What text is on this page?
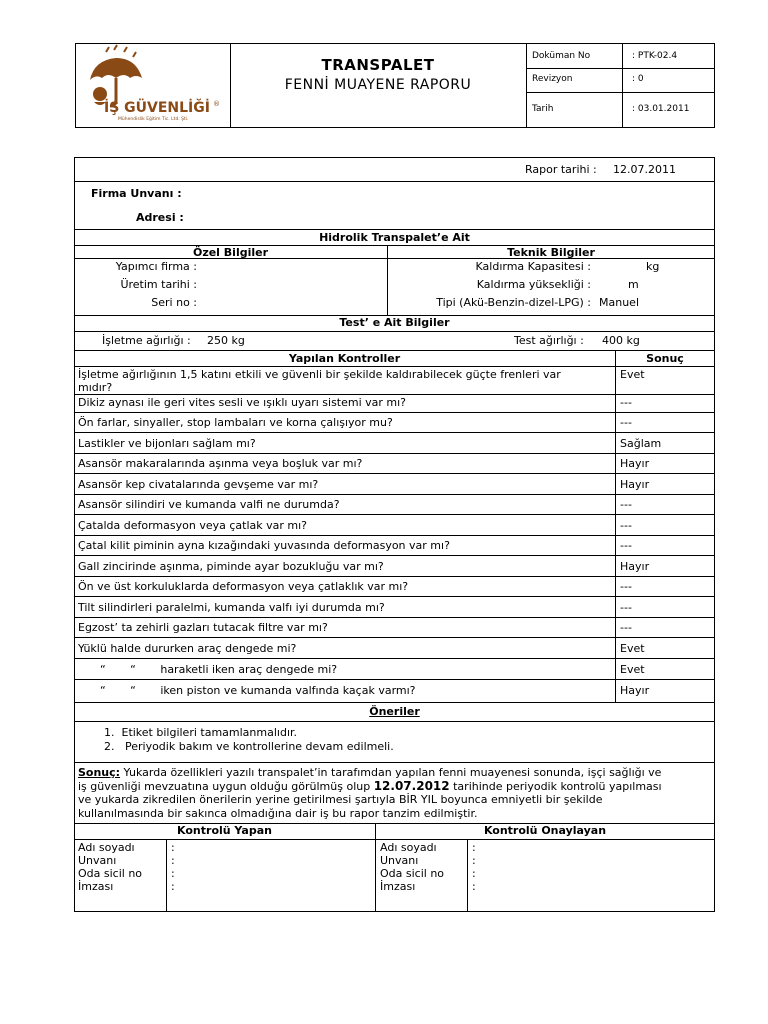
İŞ GÜVENLİĞİ ®
Mühendislik Eğitim Tic. Ltd. Şti.
TRANSPALET
FENNİ MUAYENE RAPORU
Doküman No	: PTK-02.4
Revizyon	: 0
Tarih	: 03.01.2011
Rapor tarihi : 12.07.2011
Firma Unvanı :
Adresi :
Hidrolik Transpalet’e Ait
Özel Bilgiler	Teknik Bilgiler
Yapımcı firma :
Üretim tarihi :
Seri no :
Kaldırma Kapasitesi :	kg
Kaldırma yüksekliği :	m
Tipi (Akü-Benzin-dizel-LPG) : Manuel
Test’ e Ait Bilgiler
İşletme ağırlığı : 250 kg	Test ağırlığı : 400 kg
Yapılan Kontroller	Sonuç
İşletme ağırlığının 1,5 katını etkili ve güvenli bir şekilde kaldırabilecek güçte frenleri var
mıdır?
Evet
Dikiz aynası ile geri vites sesli ve ışıklı uyarı sistemi var mı?	---
Ön farlar, sinyaller, stop lambaları ve korna çalışıyor mu?	---
Lastikler ve bijonları sağlam mı?	Sağlam
Asansör makaralarında aşınma veya boşluk var mı?	Hayır
Asansör kep civatalarında gevşeme var mı?	Hayır
Asansör silindiri ve kumanda valfi ne durumda?	---
Çatalda deformasyon veya çatlak var mı?	---
Çatal kilit piminin ayna kızağındaki yuvasında deformasyon var mı?	---
Gall zincirinde aşınma, piminde ayar bozukluğu var mı?	Hayır
Ön ve üst korkuluklarda deformasyon veya çatlaklık var mı?	---
Tilt silindirleri paralelmi, kumanda valfı iyi durumda mı?	---
Egzost’ ta zehirli gazları tutacak filtre var mı?	---
Yüklü halde dururken araç dengede mi?	Evet
“       “       haraketli iken araç dengede mi?	Evet
“       “       iken piston ve kumanda valfında kaçak varmı?	Hayır
Öneriler
1.  Etiket bilgileri tamamlanmalıdır.
2.   Periyodik bakım ve kontrollerine devam edilmeli.
Sonuç: Yukarda özellikleri yazılı transpalet’in tarafımdan yapılan fenni muayenesi sonunda, işçi sağlığı ve
iş güvenliği mevzuatına uygun olduğu görülmüş olup 12.07.2012 tarihinde periyodik kontrolü yapılması
ve yukarda zikredilen önerilerin yerine getirilmesi şartıyla BİR YIL boyunca emniyetli bir şekilde
kullanılmasında bir sakınca olmadığına dair iş bu rapor tanzim edilmiştir.
Kontrolü Yapan	Kontrolü Onaylayan
Adı soyadı
Unvanı
Oda sicil no
İmzası
:
:
:
:
Adı soyadı
Unvanı
Oda sicil no
İmzası
:
:
:
:
